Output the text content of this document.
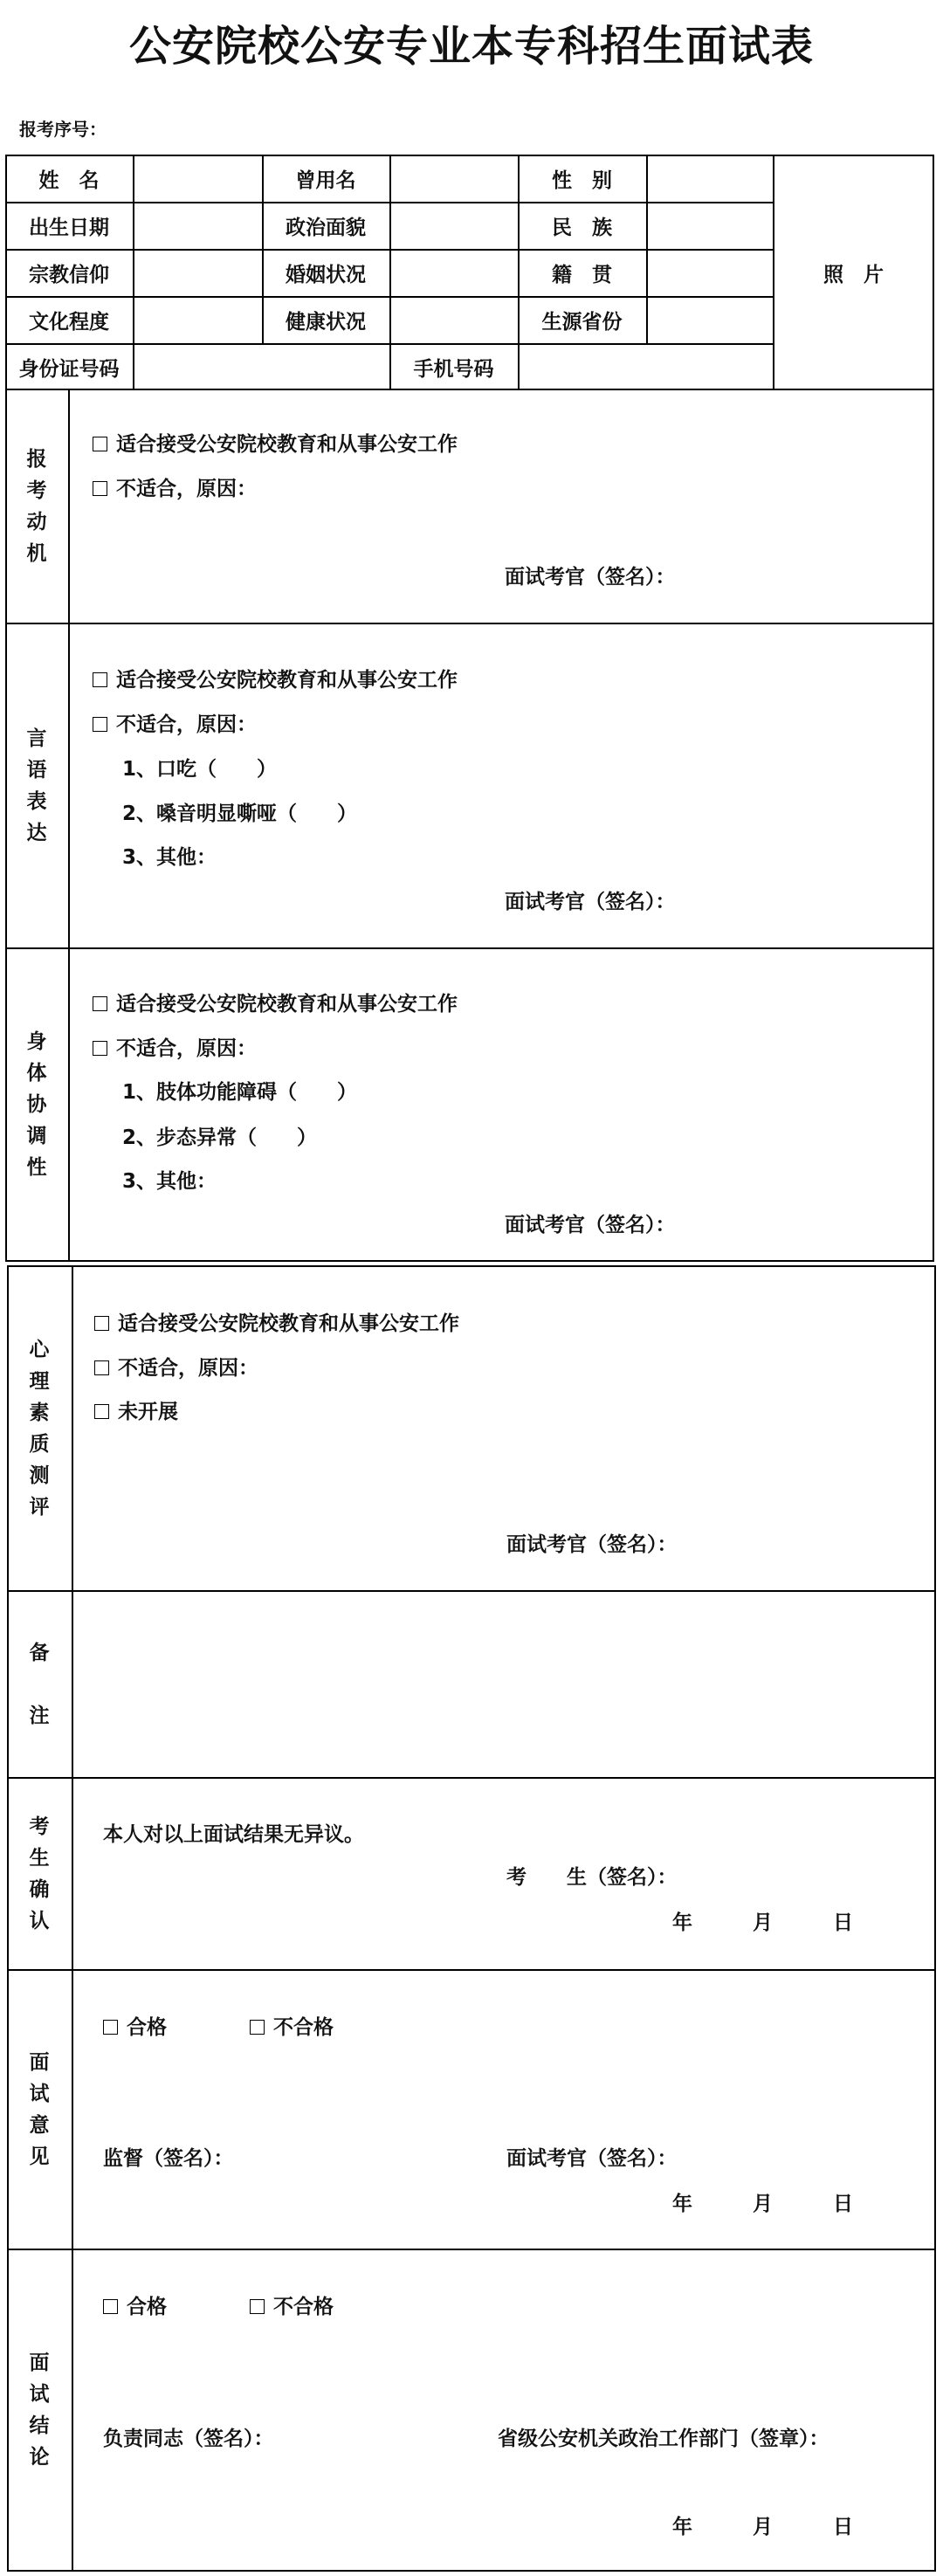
公安院校公安专业本专科招生面试表
报考序号：
姓　名	曾用名	性　别
出生日期	政治面貌	民　族
宗教信仰	婚姻状况	籍　贯
文化程度	健康状况	生源省份
身份证号码	手机号码
照　片
报
考
动
机
适合接受公安院校教育和从事公安工作
不适合，原因：
面试考官（签名）：
言
语
表
达
适合接受公安院校教育和从事公安工作
不适合，原因：
1、口吃（　　）
2、嗓音明显嘶哑（　　）
3、其他：
面试考官（签名）：
身
体
协
调
性
适合接受公安院校教育和从事公安工作
不适合，原因：
1、肢体功能障碍（　　）
2、步态异常（　　）
3、其他：
面试考官（签名）：
心
理
素
质
测
评
适合接受公安院校教育和从事公安工作
不适合，原因：
未开展
面试考官（签名）：
备
注
考
生
确
认
本人对以上面试结果无异议。
考　　生（签名）：
年　　　月　　　日
面
试
意
见
合格	不合格
监督（签名）：	面试考官（签名）：
年　　　月　　　日
面
试
结
论
合格	不合格
负责同志（签名）：	省级公安机关政治工作部门（签章）：
年　　　月　　　日
